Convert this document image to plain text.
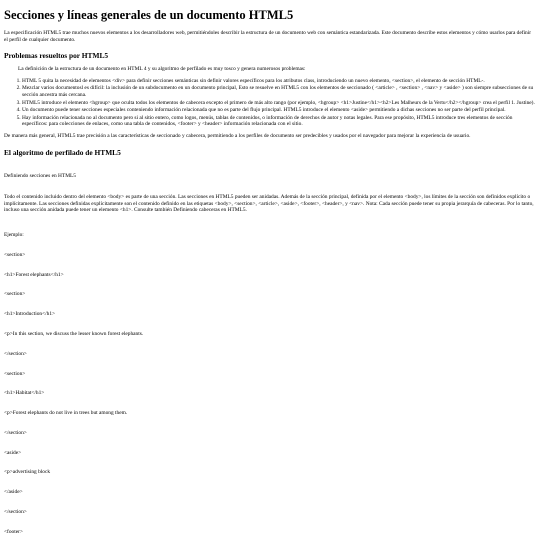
Secciones y líneas generales de un documento HTML5

La especificación HTML5 trae muchos nuevos elementos a los desarrolladores web, permitiéndoles describir la estructura de un documento web con semántica estandarizada. Este documento describe estos elementos y cómo usarlos para definir el perfil de cualquier documento.

Problemas resueltos por HTML5

La definición de la estructura de un documento en HTML 4 y su algoritmo de perfilado es muy tosco y genera numerosos problemas:

1. HTML 5 quita la necesidad de elementos <div> para definir secciones semánticas sin definir valores específicos para los atributos class, introduciendo un nuevo elemento, <section>, el elemento de sección HTML-.
2. Mezclar varios documentosl es difícil: la inclusión de un subdocumento en un documento principal, Esto se resuelve en HTML5 con los elementos de seccionado ( <article> , <section> , <nav> y <aside> ) son siempre subsecciones de su sección ancestra más cercana.
3. HTML5 introduce el elemento <hgroup> que oculta todos los elementos de cabecera excepto el primero de más alto rango (por ejemplo, <hgroup> <h1>Justine</h1><h2>Les Malheurs de la Vertu</h2></hgroup> crea el perfil 1. Justine).
4. Un documento puede tener secciones especiales conteniendo información relacionada que no es parte del flujo principal. HTML5 introduce el elemento <aside> permitiendo a dichas secciones no ser parte del perfil principal.
5. Hay información relacionada no al documento pero si al sitio entero, como logos, menús, tablas de contenidos, o información de derechos de autor y notas legales. Para ese propósito, HTML5 introduce tres elementos de sección específicos: para colecciones de enlaces, como una tabla de contenidos, <footer> y <header> información relacionada con el sitio.

De manera más general, HTML5 trae precisión a las características de seccionado y cabecera, permitiendo a los perfiles de documento ser predecibles y usados por el navegador para mejorar la experiencia de usuario.

El algoritmo de perfilado de HTML5

Definiendo secciones en HTML5

Todo el contenido incluido dentro del elemento <body> es parte de una sección. Las secciones en HTML5 pueden ser anidadas. Además de la sección principal, definida por el elemento <body>, los límites de la sección son definidos explícito o implícitamente. Las secciones definidas explícitamente son el contenido definido en las etiquetas <body>, <section>, <article>, <aside>, <footer>, <header>, y <nav>. Nota: Cada sección puede tener su propia jerarquía de cabeceras. Por lo tanto, incluso una sección anidada puede tener un elemento <h1>. Consulte también Definiendo cabeceras en HTML5.

Ejemplo:

<section>

<h1>Forest elephants</h1>

<section>

<h1>Introduction</h1>

<p>In this section, we discuss the lesser known forest elephants.

</section>

<section>

<h1>Habitat</h1>

<p>Forest elephants do not live in trees but among them.

</section>

<aside>

<p>advertising block

</aside>

</section>

<footer>
